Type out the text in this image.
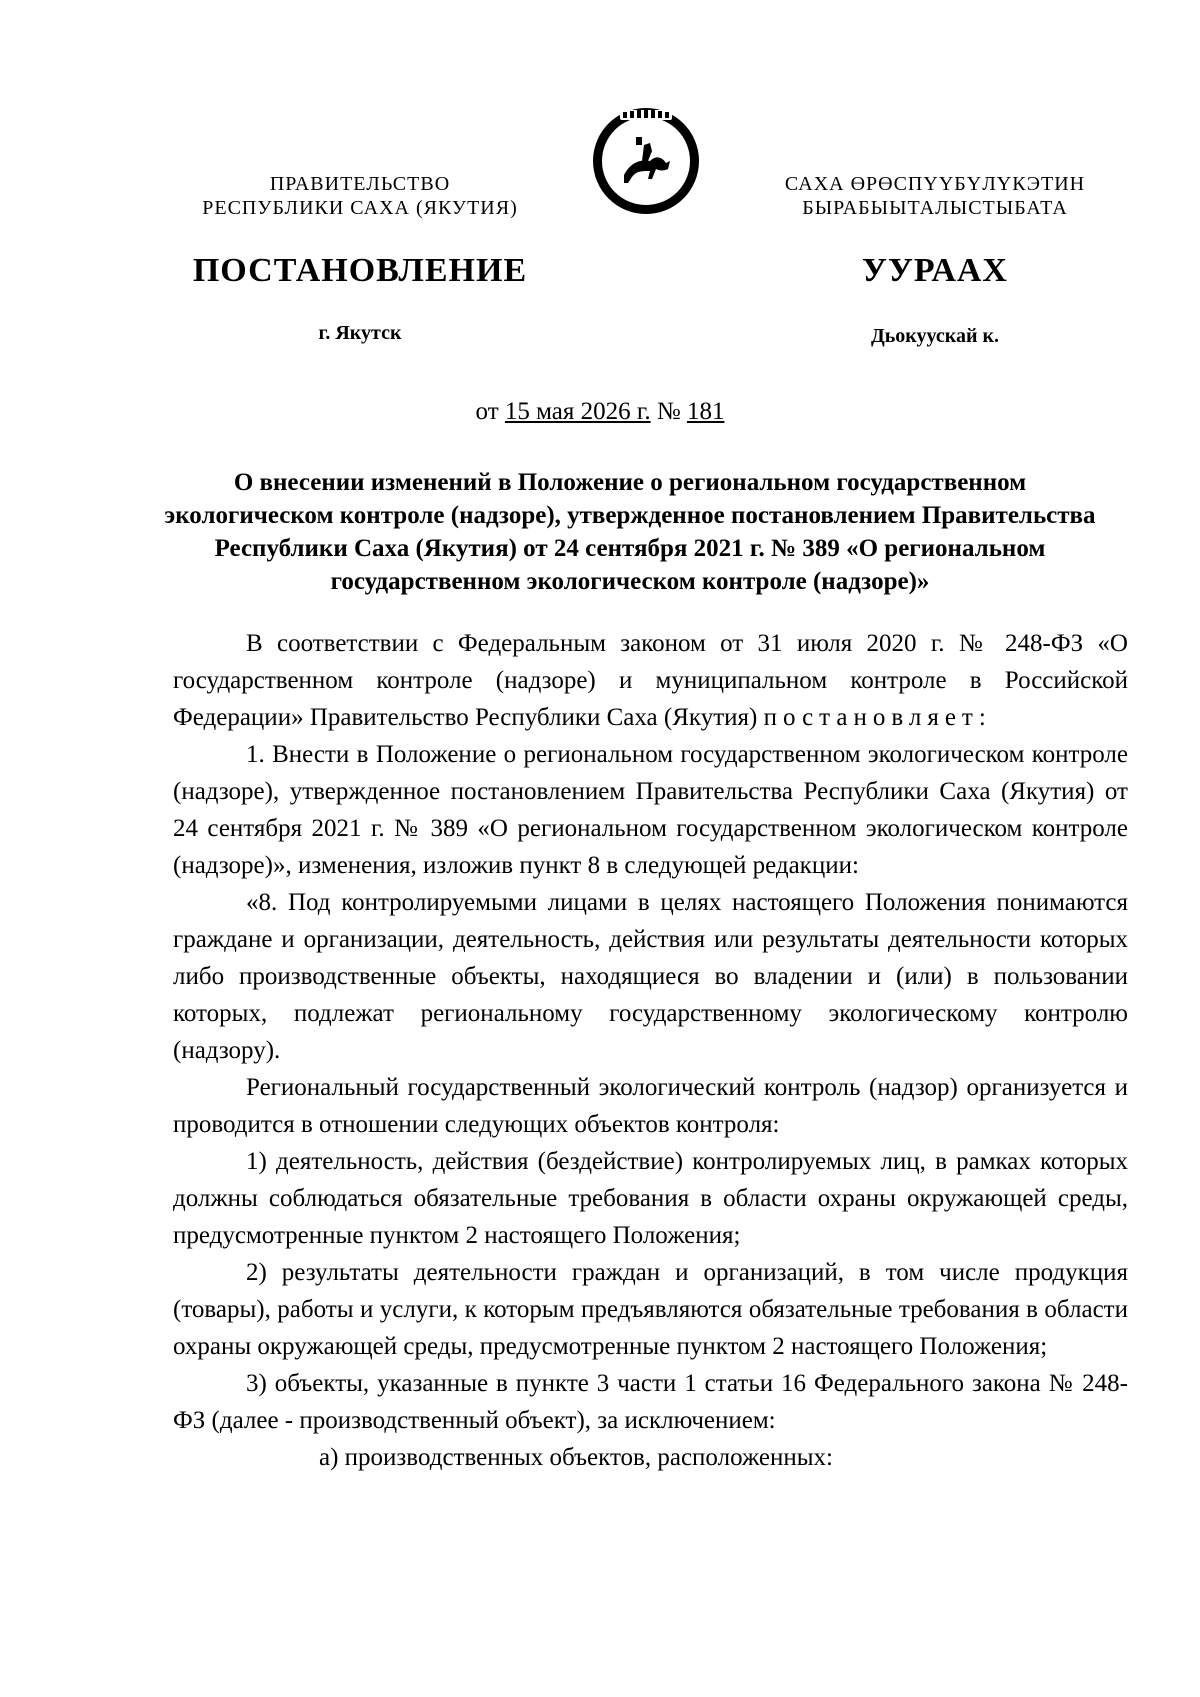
ПРАВИТЕЛЬСТВО
РЕСПУБЛИКИ САХА (ЯКУТИЯ)
САХА ӨРӨСПҮҮБҮЛҮКЭТИН
БЫРАБЫЫТАЛЫСТЫБАТА
ПОСТАНОВЛЕНИЕ	УУРААХ
г. Якутск	Дьокуускай к.
от 15 мая 2026 г. № 181
О внесении изменений в Положение о региональном государственном экологическом контроле (надзоре), утвержденное постановлением Правительства Республики Саха (Якутия) от 24 сентября 2021 г. № 389 «О региональном государственном экологическом контроле (надзоре)»

В соответствии с Федеральным законом от 31 июля 2020 г. № 248-ФЗ «О государственном контроле (надзоре) и муниципальном контроле в Российской Федерации» Правительство Республики Саха (Якутия) постановляет:

1. Внести в Положение о региональном государственном экологическом контроле (надзоре), утвержденное постановлением Правительства Республики Саха (Якутия) от 24 сентября 2021 г. № 389 «О региональном государственном экологическом контроле (надзоре)», изменения, изложив пункт 8 в следующей редакции:

«8. Под контролируемыми лицами в целях настоящего Положения понимаются граждане и организации, деятельность, действия или результаты деятельности которых либо производственные объекты, находящиеся во владении и (или) в пользовании которых, подлежат региональному государственному экологическому контролю (надзору).

Региональный государственный экологический контроль (надзор) организуется и проводится в отношении следующих объектов контроля:

1) деятельность, действия (бездействие) контролируемых лиц, в рамках которых должны соблюдаться обязательные требования в области охраны окружающей среды, предусмотренные пунктом 2 настоящего Положения;

2) результаты деятельности граждан и организаций, в том числе продукция (товары), работы и услуги, к которым предъявляются обязательные требования в области охраны окружающей среды, предусмотренные пунктом 2 настоящего Положения;

3) объекты, указанные в пункте 3 части 1 статьи 16 Федерального закона № 248-ФЗ (далее - производственный объект), за исключением:

а) производственных объектов, расположенных:
